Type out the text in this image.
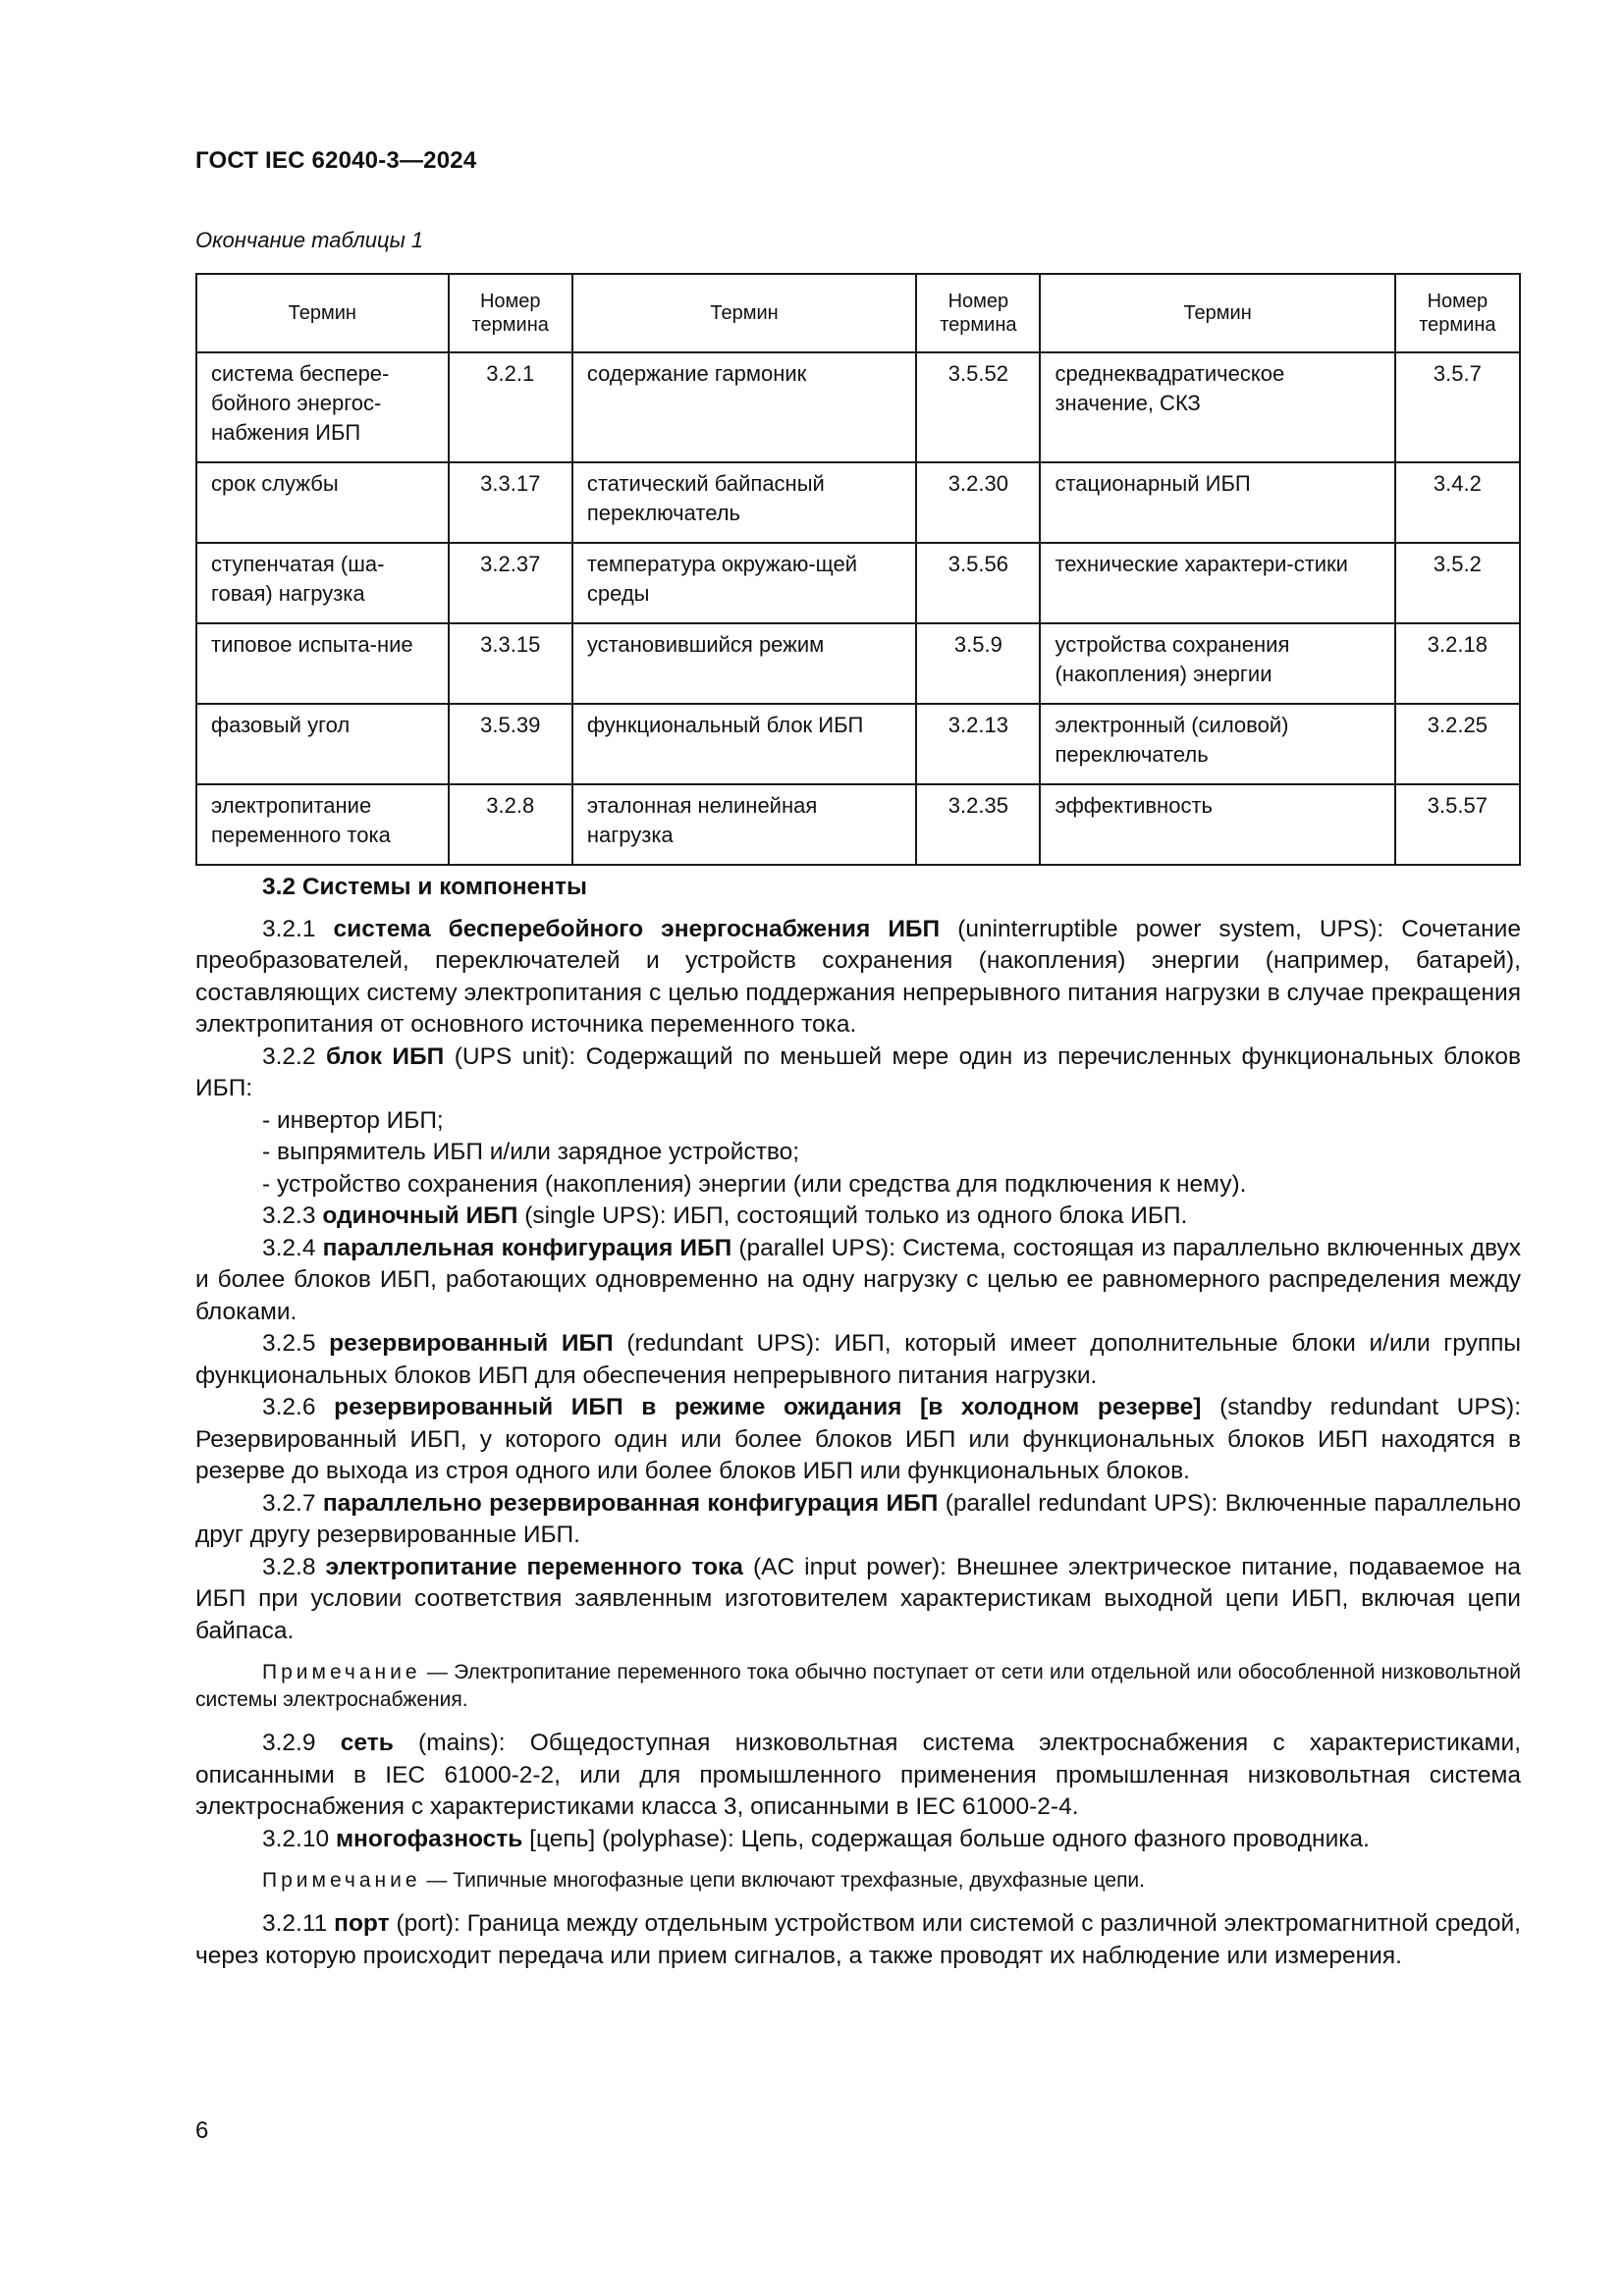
ГОСТ IEC 62040-3—2024
Окончание таблицы 1
Термин	Номер термина	Термин	Номер термина	Термин	Номер термина
система беспере-бойного энергос-набжения ИБП	3.2.1	содержание гармоник	3.5.52	среднеквадратическое значение, СКЗ	3.5.7
срок службы	3.3.17	статический байпасный переключатель	3.2.30	стационарный ИБП	3.4.2
ступенчатая (ша-говая) нагрузка	3.2.37	температура окружаю-щей среды	3.5.56	технические характери-стики	3.5.2
типовое испыта-ние	3.3.15	установившийся режим	3.5.9	устройства сохранения (накопления) энергии	3.2.18
фазовый угол	3.5.39	функциональный блок ИБП	3.2.13	электронный (силовой) переключатель	3.2.25
электропитание переменного тока	3.2.8	эталонная нелинейная нагрузка	3.2.35	эффективность	3.5.57

3.2 Системы и компоненты

3.2.1 система бесперебойного энергоснабжения ИБП (uninterruptible power system, UPS): Сочетание преобразователей, переключателей и устройств сохранения (накопления) энергии (например, батарей), составляющих систему электропитания с целью поддержания непрерывного питания нагрузки в случае прекращения электропитания от основного источника переменного тока.

3.2.2 блок ИБП (UPS unit): Содержащий по меньшей мере один из перечисленных функциональных блоков ИБП:

- инвертор ИБП;

- выпрямитель ИБП и/или зарядное устройство;

- устройство сохранения (накопления) энергии (или средства для подключения к нему).

3.2.3 одиночный ИБП (single UPS): ИБП, состоящий только из одного блока ИБП.

3.2.4 параллельная конфигурация ИБП (parallel UPS): Система, состоящая из параллельно включенных двух и более блоков ИБП, работающих одновременно на одну нагрузку с целью ее равномерного распределения между блоками.

3.2.5 резервированный ИБП (redundant UPS): ИБП, который имеет дополнительные блоки и/или группы функциональных блоков ИБП для обеспечения непрерывного питания нагрузки.

3.2.6 резервированный ИБП в режиме ожидания [в холодном резерве] (standby redundant UPS): Резервированный ИБП, у которого один или более блоков ИБП или функциональных блоков ИБП находятся в резерве до выхода из строя одного или более блоков ИБП или функциональных блоков.

3.2.7 параллельно резервированная конфигурация ИБП (parallel redundant UPS): Включенные параллельно друг другу резервированные ИБП.

3.2.8 электропитание переменного тока (AC input power): Внешнее электрическое питание, подаваемое на ИБП при условии соответствия заявленным изготовителем характеристикам выходной цепи ИБП, включая цепи байпаса.

Примечание — Электропитание переменного тока обычно поступает от сети или отдельной или обособленной низковольтной системы электроснабжения.

3.2.9 сеть (mains): Общедоступная низковольтная система электроснабжения с характеристиками, описанными в IEC 61000-2-2, или для промышленного применения промышленная низковольтная система электроснабжения с характеристиками класса 3, описанными в IEC 61000-2-4.

3.2.10 многофазность [цепь] (polyphase): Цепь, содержащая больше одного фазного проводника.

Примечание — Типичные многофазные цепи включают трехфазные, двухфазные цепи.

3.2.11 порт (port): Граница между отдельным устройством или системой с различной электромагнитной средой, через которую происходит передача или прием сигналов, а также проводят их наблюдение или измерения.

6
